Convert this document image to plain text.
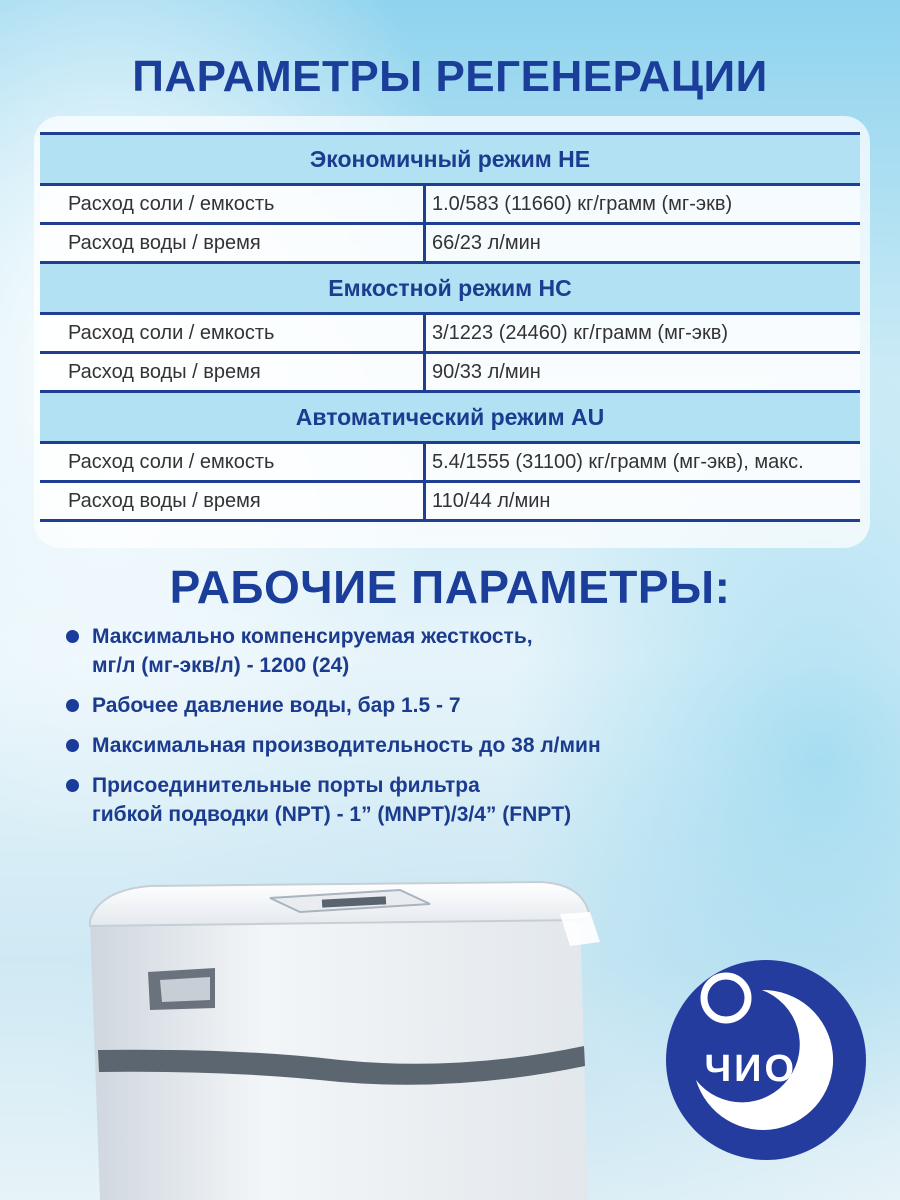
ПАРАМЕТРЫ РЕГЕНЕРАЦИИ
Экономичный режим HE
Расход соли / емкость	1.0/583 (11660) кг/грамм (мг-экв)
Расход воды / время	66/23 л/мин
Емкостной режим HC
Расход соли / емкость	3/1223 (24460) кг/грамм (мг-экв)
Расход воды / время	90/33 л/мин
Автоматический режим AU
Расход соли / емкость	5.4/1555 (31100) кг/грамм (мг-экв), макс.
Расход воды / время	110/44 л/мин
РАБОЧИЕ ПАРАМЕТРЫ:
Максимально компенсируемая жесткость,
мг/л (мг-экв/л) - 1200 (24)
Рабочее давление воды, бар 1.5 - 7
Максимальная производительность до 38 л/мин
Присоединительные порты фильтра
гибкой подводки (NPT) - 1” (MNPT)/3/4” (FNPT)
ЧИОС
